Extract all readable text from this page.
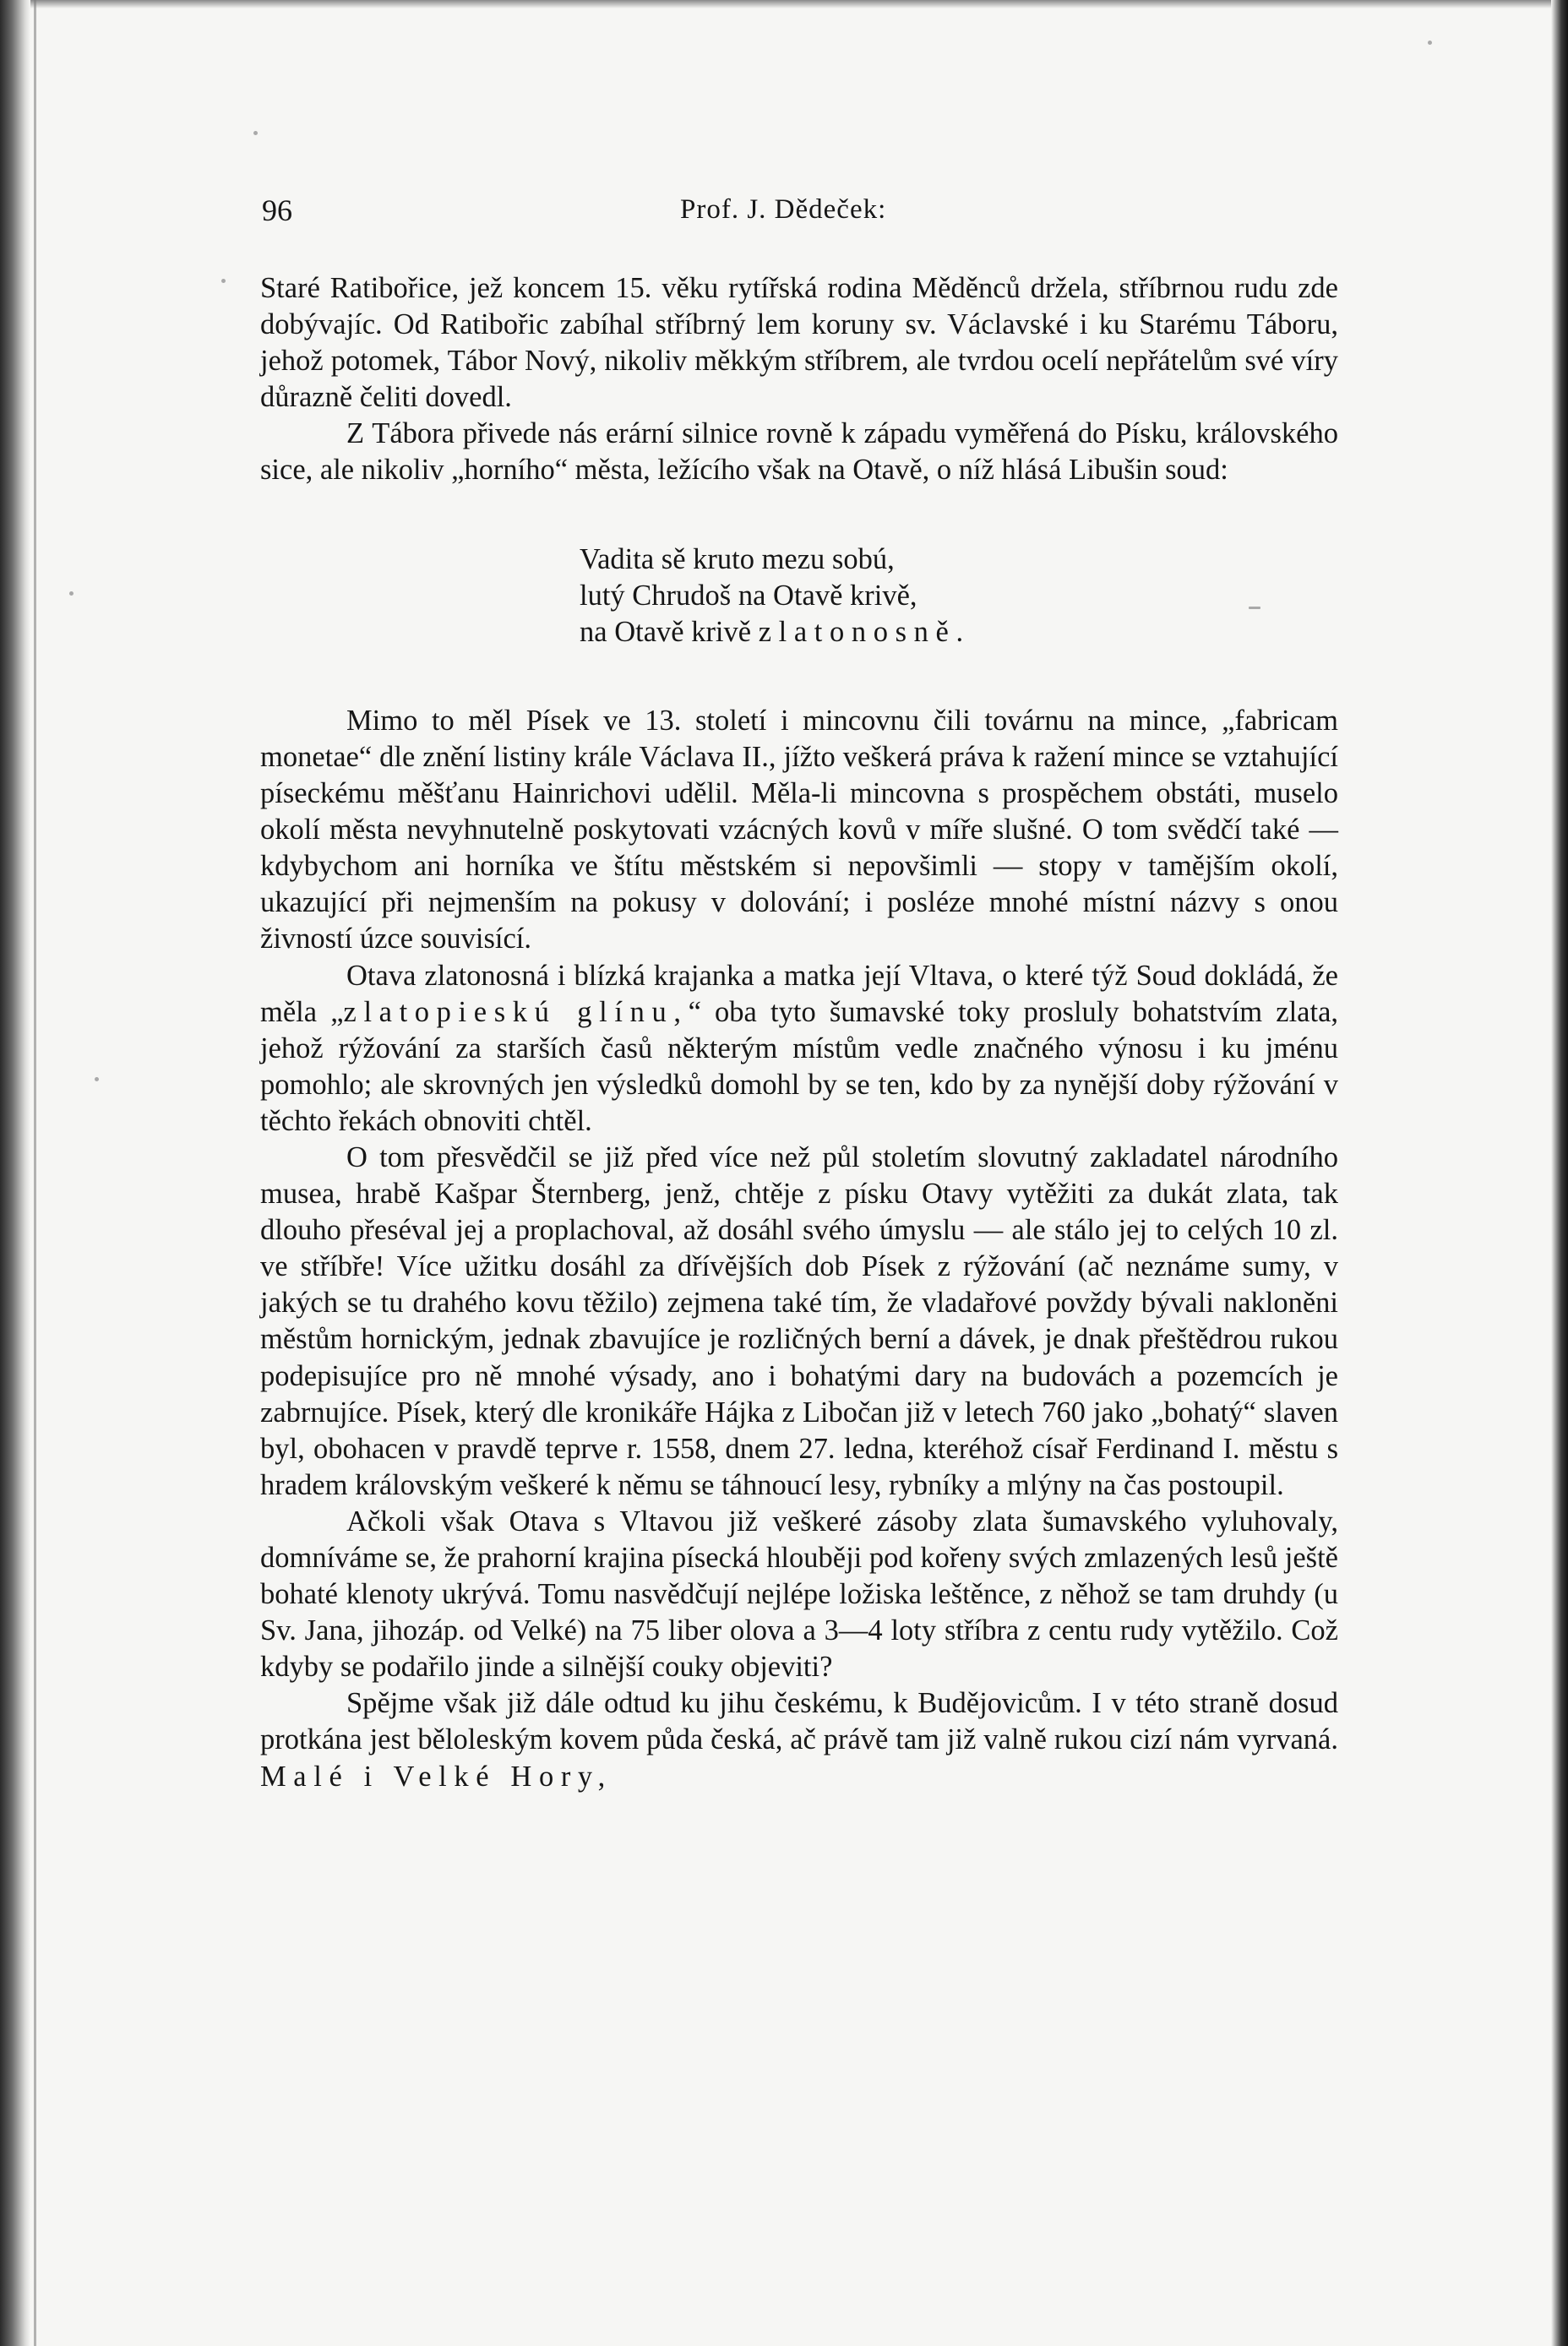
96	Prof. J. Dědeček:

Staré Ratibořice, jež koncem 15. věku rytířská rodina Měděnců držela, stříbrnou rudu zde dobývajíc. Od Ratibořic zabíhal stříbrný lem koruny sv. Václavské i ku Starému Táboru, jehož potomek, Tábor Nový, nikoliv měkkým stříbrem, ale tvrdou ocelí nepřátelům své víry důrazně čeliti dovedl.

Z Tábora přivede nás erární silnice rovně k západu vyměřená do Písku, královského sice, ale nikoliv „horního“ města, ležícího však na Otavě, o níž hlásá Libušin soud:

Vadita sě kruto mezu sobú,
lutý Chrudoš na Otavě krivě,
na Otavě krivě zlatonosně.

Mimo to měl Písek ve 13. století i mincovnu čili továrnu na mince, „fabricam monetae“ dle znění listiny krále Václava II., jížto veškerá práva k ražení mince se vztahující píseckému měšťanu Hainrichovi udělil. Měla-li mincovna s prospěchem obstáti, muselo okolí města nevyhnutelně poskytovati vzácných kovů v míře slušné. O tom svědčí také — kdybychom ani horníka ve štítu městském si nepovšimli — stopy v tamějším okolí, ukazující při nejmenším na pokusy v dolování; i posléze mnohé místní názvy s onou živností úzce souvisící.

Otava zlatonosná i blízká krajanka a matka její Vltava, o které týž Soud dokládá, že měla „zlatopieskú glínu,“ oba tyto šumavské toky prosluly bohatstvím zlata, jehož rýžování za starších časů některým místům vedle značného výnosu i ku jménu pomohlo; ale skrovných jen výsledků domohl by se ten, kdo by za nynější doby rýžování v těchto řekách obnoviti chtěl.

O tom přesvědčil se již před více než půl stoletím slovutný zakladatel národního musea, hrabě Kašpar Šternberg, jenž, chtěje z písku Otavy vytěžiti za dukát zlata, tak dlouho přeséval jej a proplachoval, až dosáhl svého úmyslu — ale stálo jej to celých 10 zl. ve stříbře! Více užitku dosáhl za dřívějších dob Písek z rýžování (ač neznáme sumy, v jakých se tu drahého kovu těžilo) zejmena také tím, že vladařové povždy bývali nakloněni městům hornickým, jednak zbavujíce je rozličných berní a dávek, je dnak přeštědrou rukou podepisujíce pro ně mnohé výsady, ano i bohatými dary na budovách a pozemcích je zabrnujíce. Písek, který dle kronikáře Hájka z Libočan již v letech 760 jako „bohatý“ slaven byl, obohacen v pravdě teprve r. 1558, dnem 27. ledna, kteréhož císař Ferdinand I. městu s hradem královským veškeré k němu se táhnoucí lesy, rybníky a mlýny na čas postoupil.

Ačkoli však Otava s Vltavou již veškeré zásoby zlata šumavského vyluhovaly, domníváme se, že prahorní krajina písecká hlouběji pod kořeny svých zmlazených lesů ještě bohaté klenoty ukrývá. Tomu nasvědčují nejlépe ložiska leštěnce, z něhož se tam druhdy (u Sv. Jana, jihozáp. od Velké) na 75 liber olova a 3—4 loty stříbra z centu rudy vytěžilo. Což kdyby se podařilo jinde a silnější couky objeviti?

Spějme však již dále odtud ku jihu českému, k Budějovicům. I v této straně dosud protkána jest běloleským kovem půda česká, ač právě tam již valně rukou cizí nám vyrvaná. Malé i Velké Hory,
